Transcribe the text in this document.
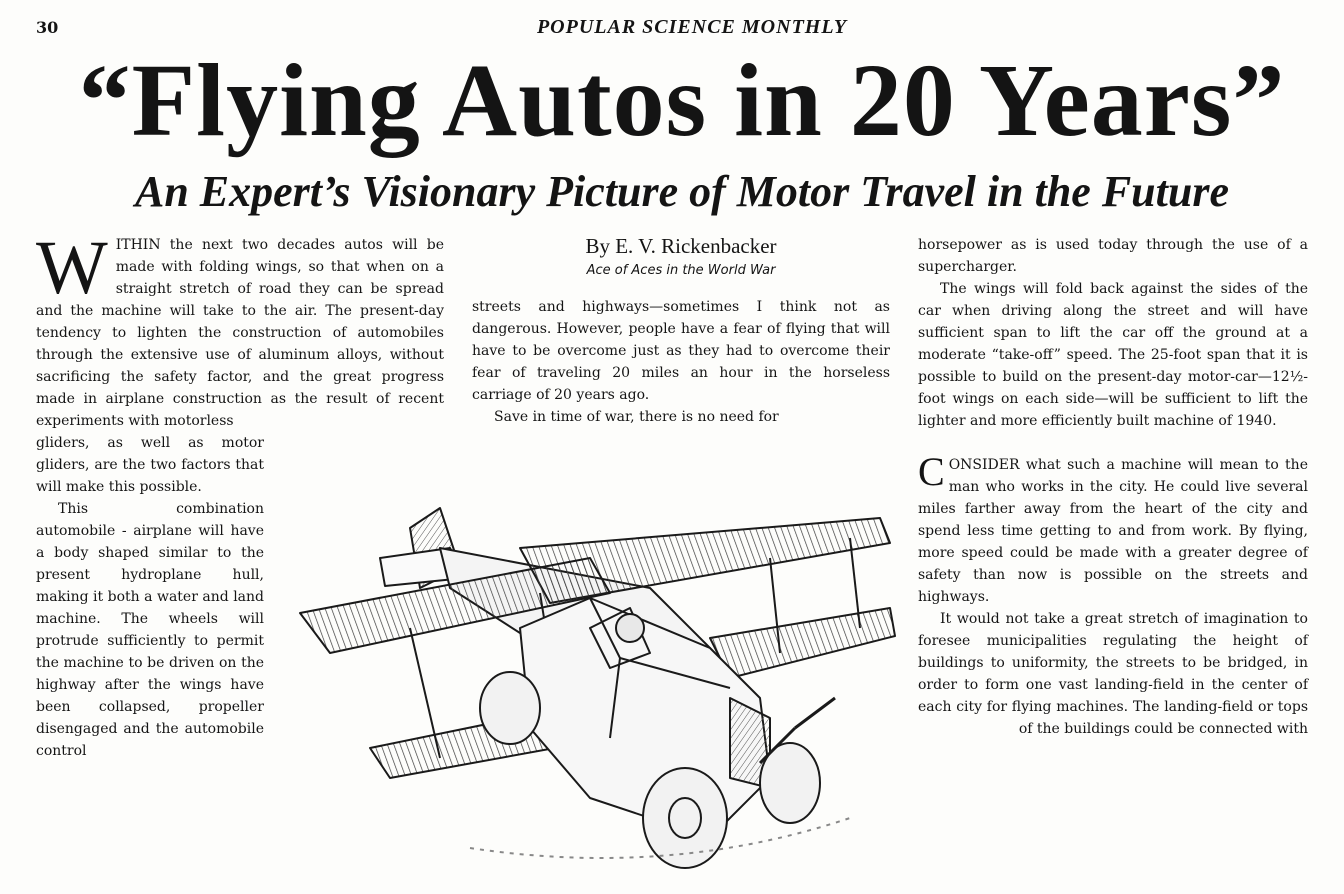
30	POPULAR SCIENCE MONTHLY
“Flying Autos in 20 Years”
An Expert’s Visionary Picture of Motor Travel in the Future

WITHIN the next two decades autos will be made with folding wings, so that when on a straight stretch of road they can be spread and the machine will take to the air. The present-day tendency to lighten the construction of automobiles through the extensive use of aluminum alloys, without sacrificing the safety factor, and the great progress made in airplane construction as the result of recent experiments with motorless

gliders, as well as motor gliders, are the two factors that will make this possible.

This combination automobile - airplane will have a body shaped similar to the present hydroplane hull, making it both a water and land machine. The wheels will protrude sufficiently to permit the machine to be driven on the highway after the wings have been collapsed, propeller disengaged and the automobile control

By E. V. Rickenbacker
Ace of Aces in the World War

streets and highways—sometimes I think not as dangerous. However, people have a fear of flying that will have to be overcome just as they had to overcome their fear of traveling 20 miles an hour in the horseless carriage of 20 years ago.

Save in time of war, there is no need for

horsepower as is used today through the use of a supercharger.

The wings will fold back against the sides of the car when driving along the street and will have sufficient span to lift the car off the ground at a moderate “take-off” speed. The 25-foot span that it is possible to build on the present-day motor-car—12½-foot wings on each side—will be sufficient to lift the lighter and more efficiently built machine of 1940.

CONSIDER what such a machine will mean to the man who works in the city. He could live several miles farther away from the heart of the city and spend less time getting to and from work. By flying, more speed could be made with a greater degree of safety than now is possible on the streets and highways.

It would not take a great stretch of imagination to foresee municipalities regulating the height of buildings to uniformity, the streets to be bridged, in order to form one vast landing-field in the center of each city for flying machines. The landing-field or tops of the buildings could be connected with
